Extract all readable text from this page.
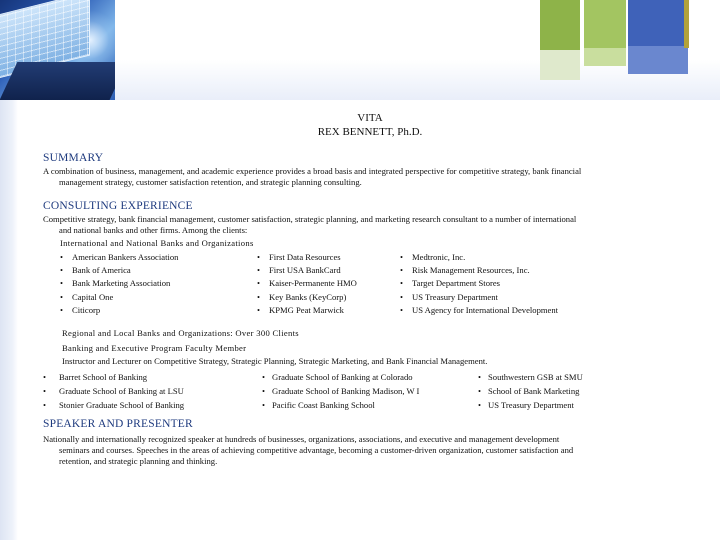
VITA
REX BENNETT, Ph.D.
SUMMARY
A combination of business, management, and academic experience provides a broad basis and integrated perspective for competitive strategy, bank financial
management strategy, customer satisfaction retention, and strategic planning consulting.
CONSULTING EXPERIENCE
Competitive strategy, bank financial management, customer satisfaction, strategic planning, and marketing research consultant to a number of international
and national banks and other firms. Among the clients:
International and National Banks and Organizations
• American Bankers Association
• Bank of America
• Bank Marketing Association
• Capital One
• Citicorp
• First Data Resources
• First USA BankCard
• Kaiser-Permanente HMO
• Key Banks (KeyCorp)
• KPMG Peat Marwick
• Medtronic, Inc.
• Risk Management Resources, Inc.
• Target Department Stores
• US Treasury Department
• US Agency for International Development
Regional and Local Banks and Organizations: Over 300 Clients
Banking and Executive Program Faculty Member
Instructor and Lecturer on Competitive Strategy, Strategic Planning, Strategic Marketing, and Bank Financial Management.
• Barret School of Banking
• Graduate School of Banking at LSU
• Stonier Graduate School of Banking
• Graduate School of Banking at Colorado
• Graduate School of Banking Madison, W I
• Pacific Coast Banking School
• Southwestern GSB at SMU
• School of Bank Marketing
• US Treasury Department
SPEAKER AND PRESENTER
Nationally and internationally recognized speaker at hundreds of businesses, organizations, associations, and executive and management development
seminars and courses. Speeches in the areas of achieving competitive advantage, becoming a customer-driven organization, customer satisfaction and
retention, and strategic planning and thinking.
